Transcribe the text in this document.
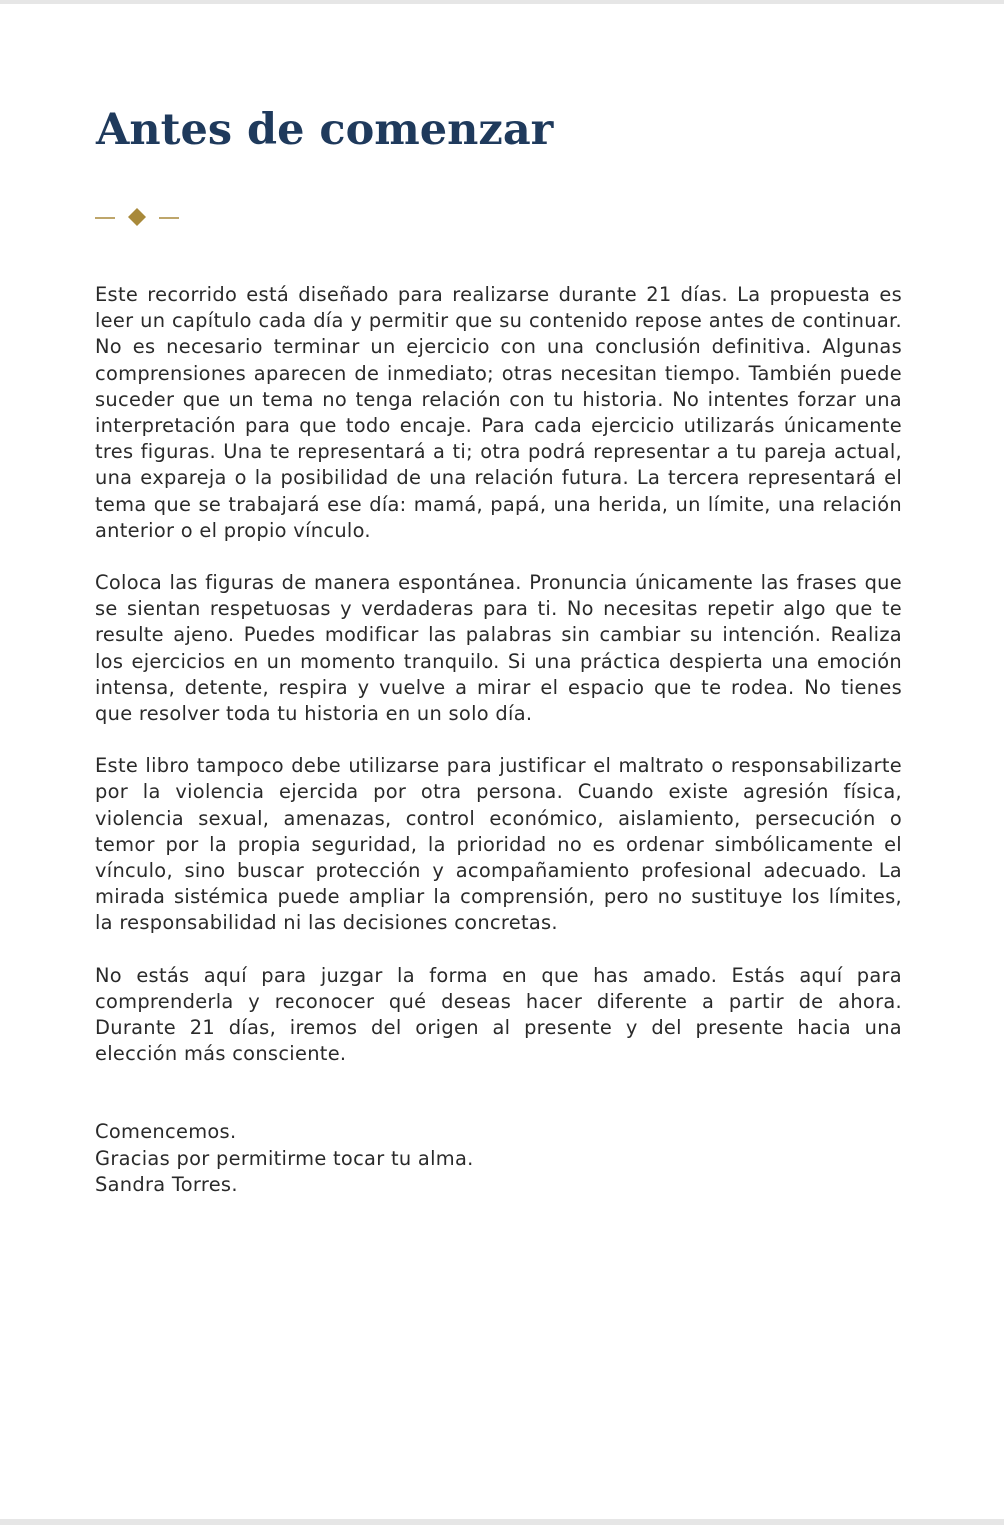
Antes de comenzar

Este recorrido está diseñado para realizarse durante 21 días. La propuesta es leer un capítulo cada día y permitir que su contenido repose antes de continuar. No es necesario terminar un ejercicio con una conclusión definitiva. Algunas comprensiones aparecen de inmediato; otras necesitan tiempo. También puede suceder que un tema no tenga relación con tu historia. No intentes forzar una interpretación para que todo encaje. Para cada ejercicio utilizarás únicamente tres figuras. Una te representará a ti; otra podrá representar a tu pareja actual, una expareja o la posibilidad de una relación futura. La tercera representará el tema que se trabajará ese día: mamá, papá, una herida, un límite, una relación anterior o el propio vínculo.

Coloca las figuras de manera espontánea. Pronuncia únicamente las frases que se sientan respetuosas y verdaderas para ti. No necesitas repetir algo que te resulte ajeno. Puedes modificar las palabras sin cambiar su intención. Realiza los ejercicios en un momento tranquilo. Si una práctica despierta una emoción intensa, detente, respira y vuelve a mirar el espacio que te rodea. No tienes que resolver toda tu historia en un solo día.

Este libro tampoco debe utilizarse para justificar el maltrato o responsabilizarte por la violencia ejercida por otra persona. Cuando existe agresión física, violencia sexual, amenazas, control económico, aislamiento, persecución o temor por la propia seguridad, la prioridad no es ordenar simbólicamente el vínculo, sino buscar protección y acompañamiento profesional adecuado. La mirada sistémica puede ampliar la comprensión, pero no sustituye los límites, la responsabilidad ni las decisiones concretas.

No estás aquí para juzgar la forma en que has amado. Estás aquí para comprenderla y reconocer qué deseas hacer diferente a partir de ahora. Durante 21 días, iremos del origen al presente y del presente hacia una elección más consciente.

Comencemos.
Gracias por permitirme tocar tu alma.
Sandra Torres.
